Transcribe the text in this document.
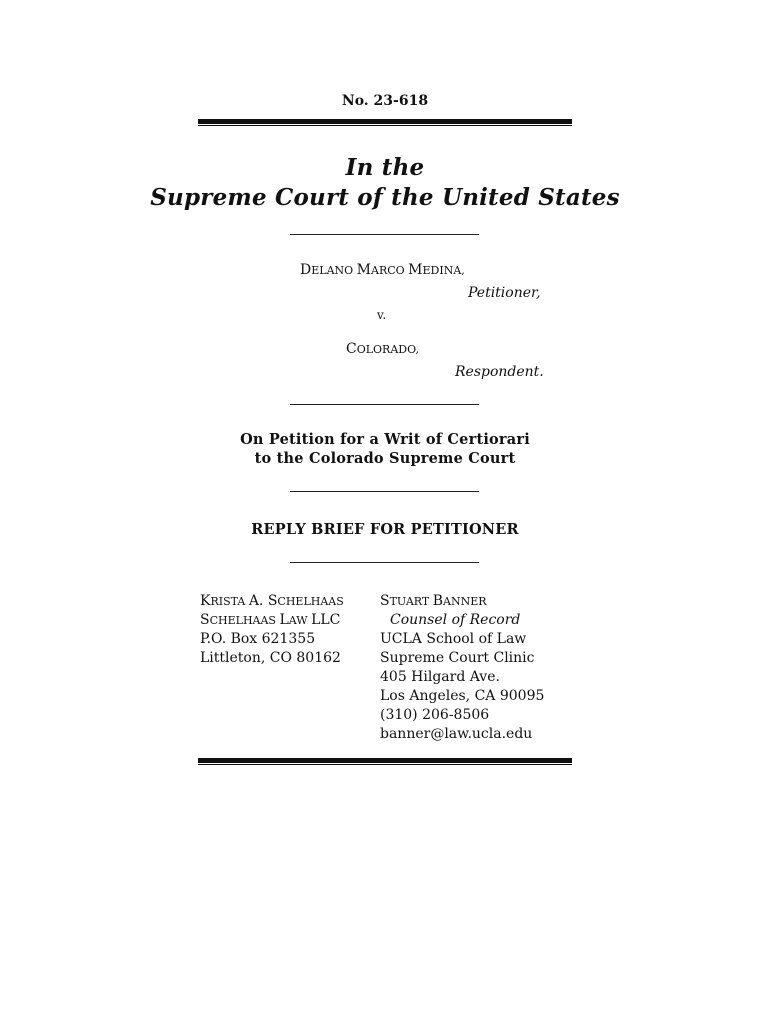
No. 23-618
In the
Supreme Court of the United States
DELANO MARCO MEDINA,
Petitioner,
v.
COLORADO,
Respondent.
On Petition for a Writ of Certiorari
to the Colorado Supreme Court
REPLY BRIEF FOR PETITIONER
KRISTA A. SCHELHAAS
SCHELHAAS LAW LLC
P.O. Box 621355
Littleton, CO 80162
STUART BANNER
Counsel of Record
UCLA School of Law
Supreme Court Clinic
405 Hilgard Ave.
Los Angeles, CA 90095
(310) 206-8506
banner@law.ucla.edu
